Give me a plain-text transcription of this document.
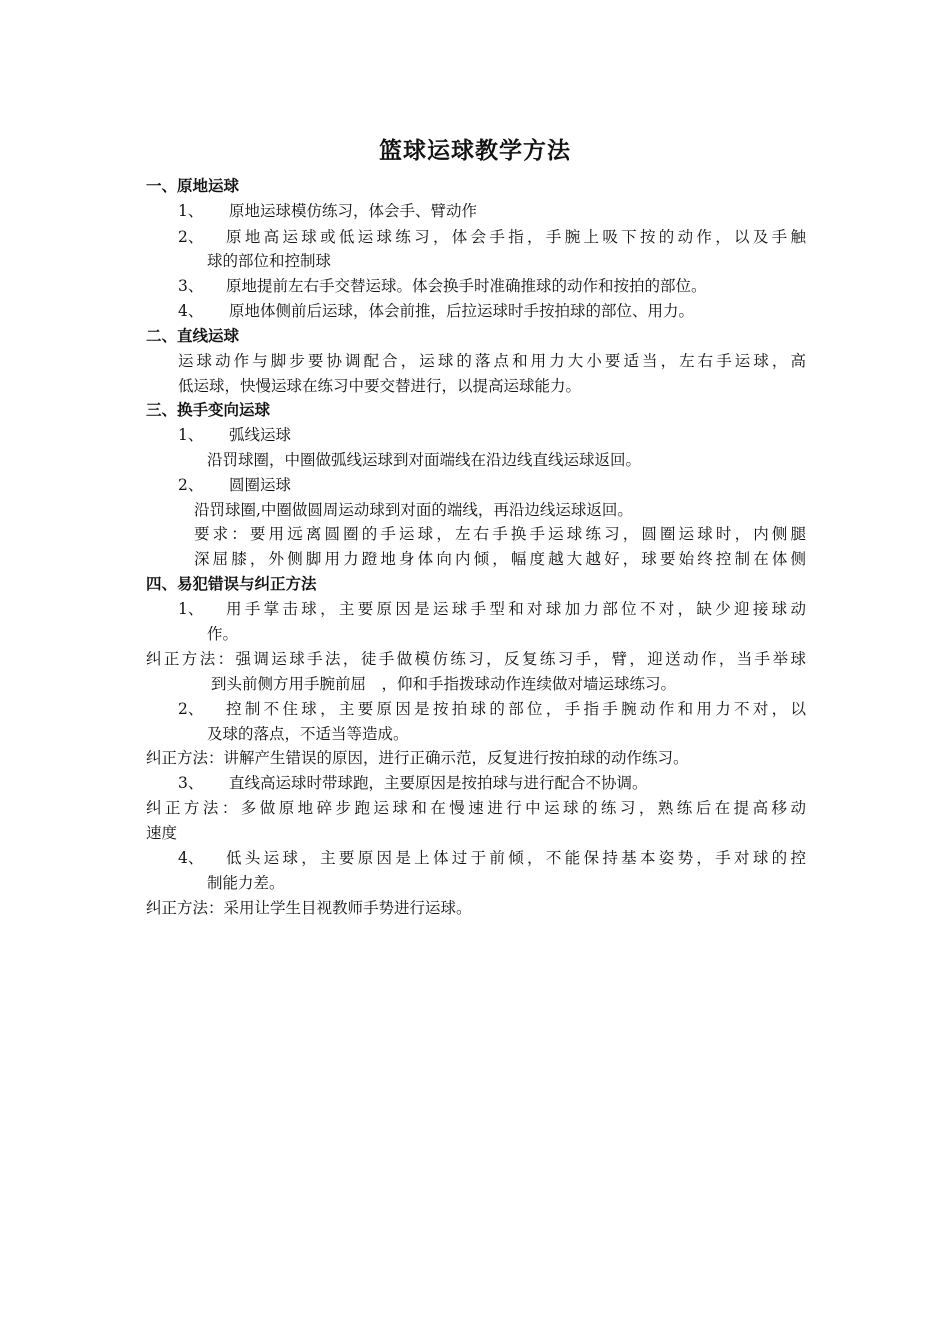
篮球运球教学方法
一、原地运球
1、 原地运球模仿练习，体会手、臂动作
2、 原地高运球或低运球练习，体会手指，手腕上吸下按的动作，以及手触
球的部位和控制球
3、 原地提前左右手交替运球。体会换手时准确推球的动作和按拍的部位。
4、 原地体侧前后运球，体会前推，后拉运球时手按拍球的部位、用力。
二、直线运球
运球动作与脚步要协调配合，运球的落点和用力大小要适当，左右手运球，高
低运球，快慢运球在练习中要交替进行，以提高运球能力。
三、换手变向运球
1、 弧线运球
沿罚球圈，中圈做弧线运球到对面端线在沿边线直线运球返回。
2、 圆圈运球
沿罚球圈,中圈做圆周运动球到对面的端线，再沿边线运球返回。
要求：要用远离圆圈的手运球，左右手换手运球练习，圆圈运球时，内侧腿
深屈膝，外侧脚用力蹬地身体向内倾，幅度越大越好，球要始终控制在体侧
四、易犯错误与纠正方法
1、 用手掌击球，主要原因是运球手型和对球加力部位不对，缺少迎接球动
作。
纠正方法：强调运球手法，徒手做模仿练习，反复练习手，臂，迎送动作，当手举球
到头前侧方用手腕前屈　，仰和手指拨球动作连续做对墙运球练习。
2、 控制不住球，主要原因是按拍球的部位，手指手腕动作和用力不对，以
及球的落点，不适当等造成。
纠正方法：讲解产生错误的原因，进行正确示范，反复进行按拍球的动作练习。
3、 直线高运球时带球跑，主要原因是按拍球与进行配合不协调。
纠正方法：多做原地碎步跑运球和在慢速进行中运球的练习，熟练后在提高移动
速度
4、 低头运球，主要原因是上体过于前倾，不能保持基本姿势，手对球的控
制能力差。
纠正方法：采用让学生目视教师手势进行运球。
